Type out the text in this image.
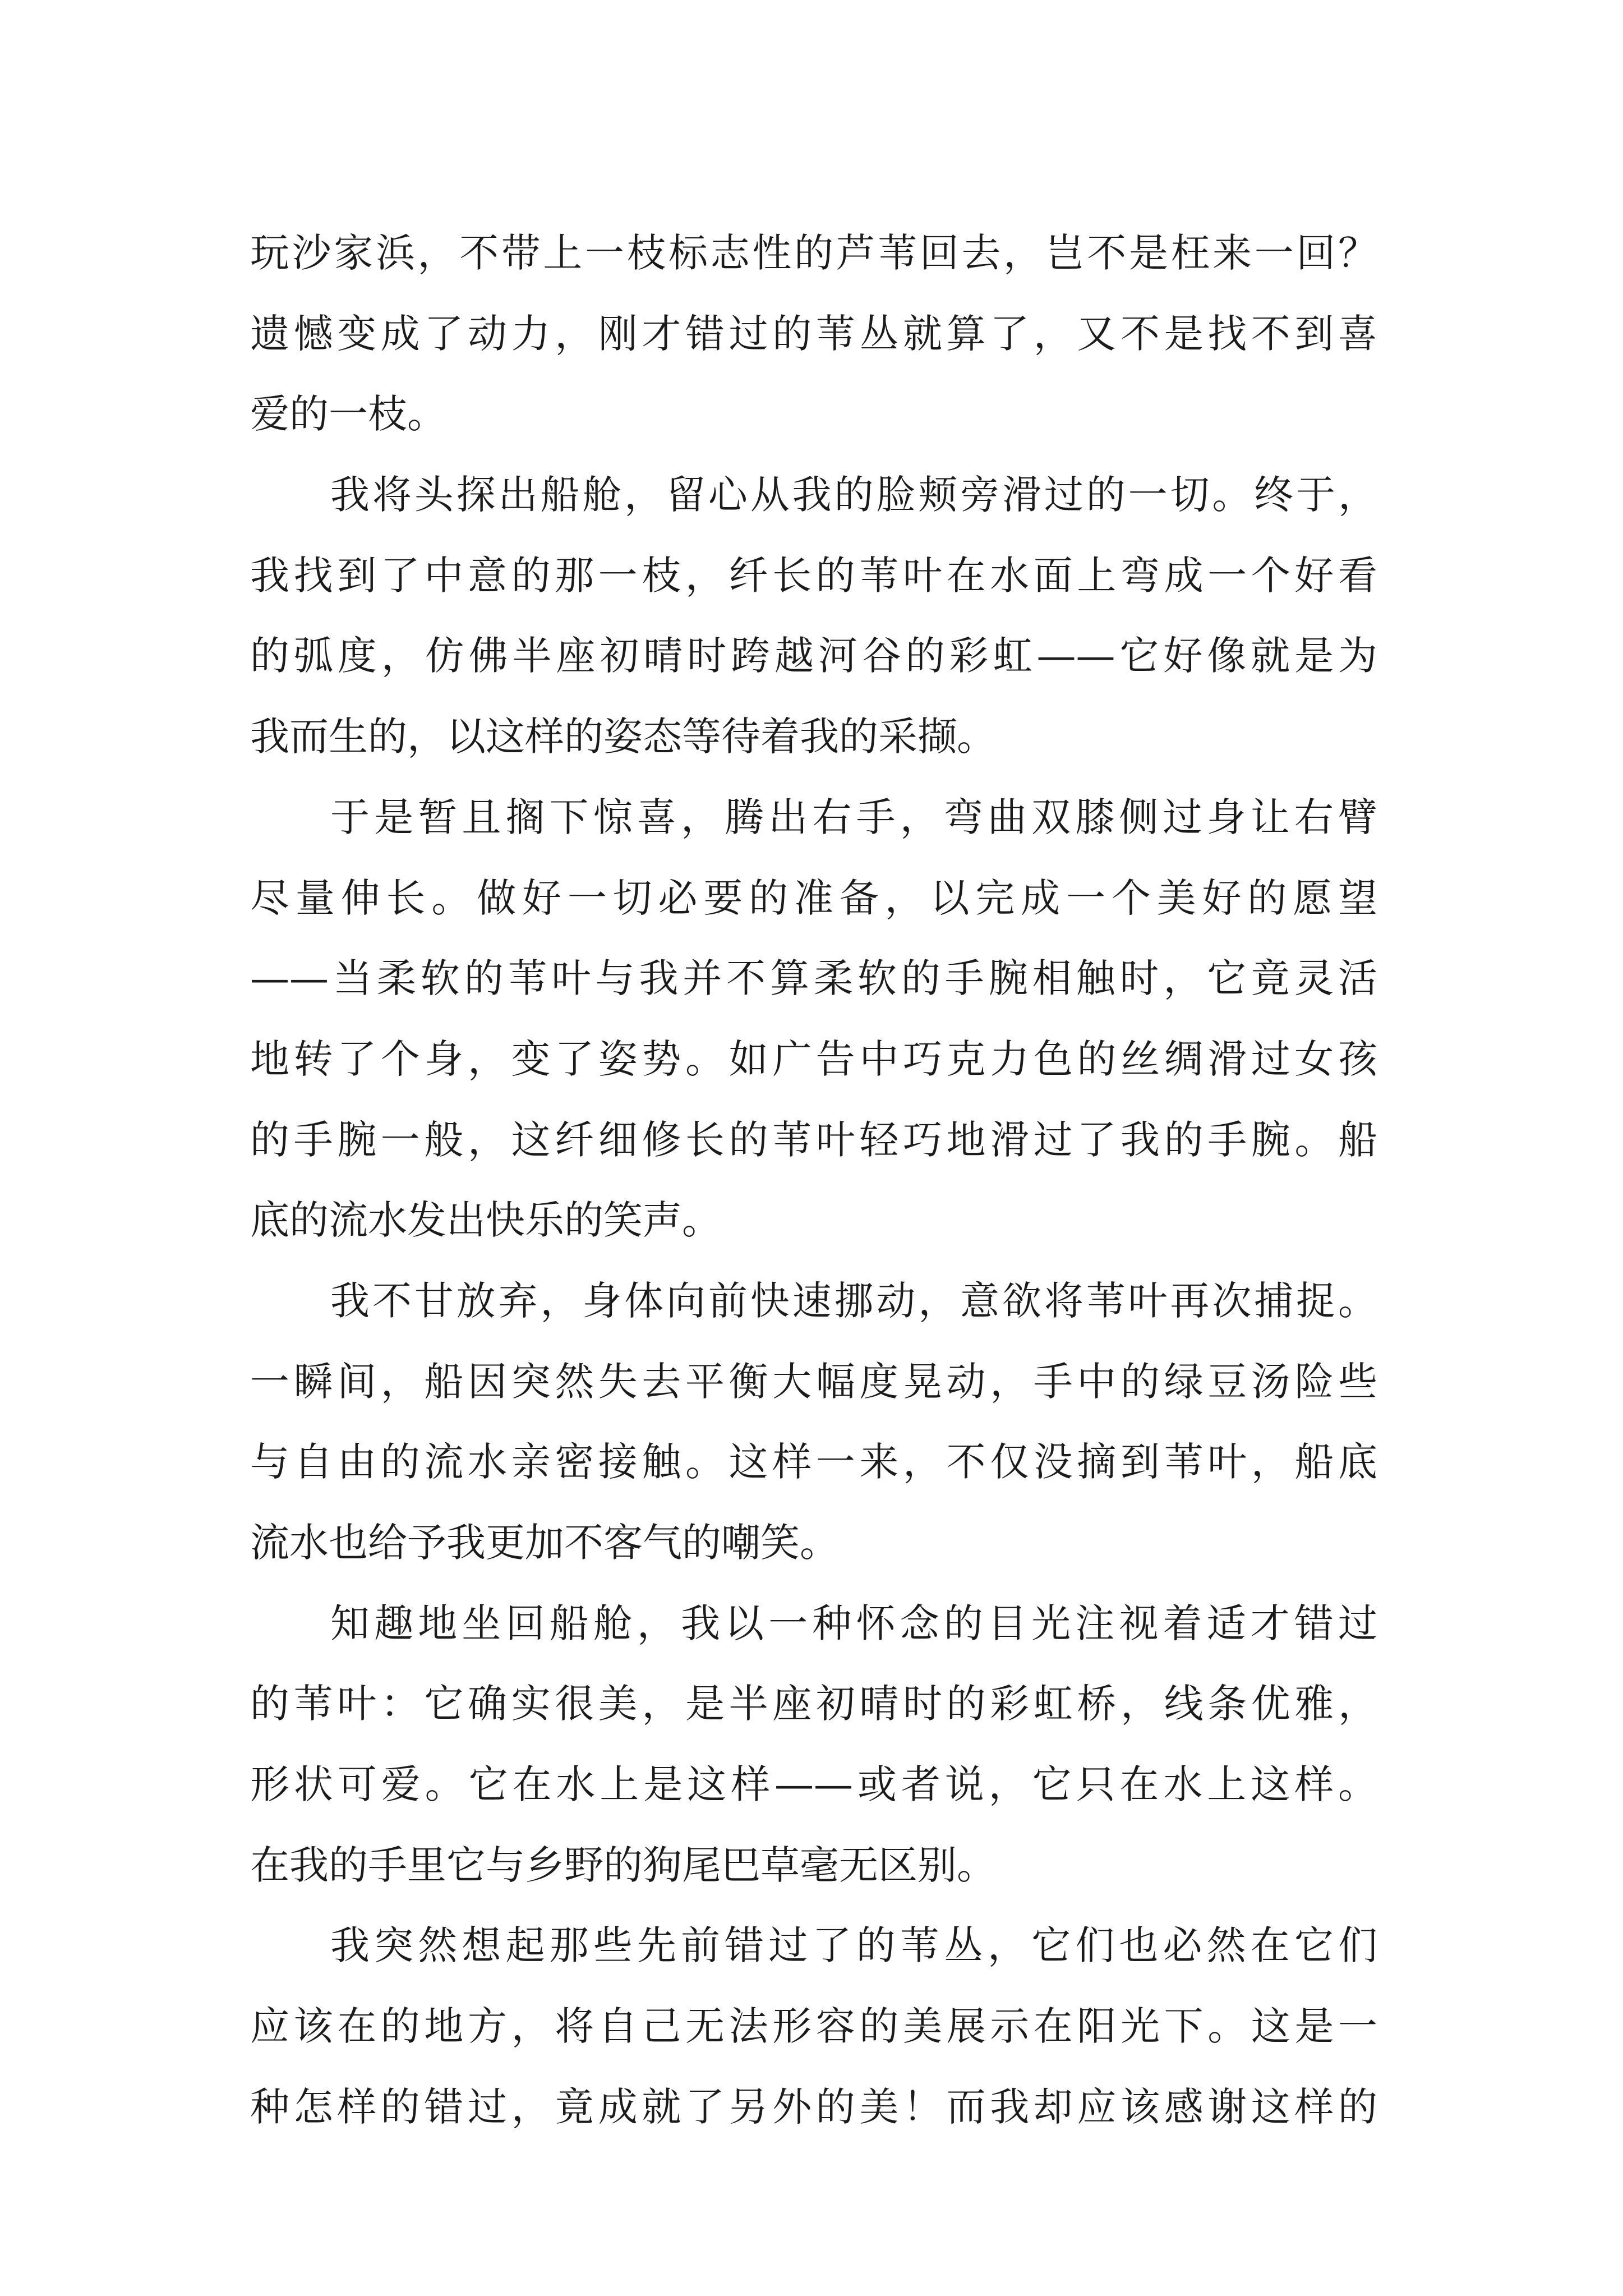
玩沙家浜，不带上一枝标志性的芦苇回去，岂不是枉来一回？
遗憾变成了动力，刚才错过的苇丛就算了，又不是找不到喜
爱的一枝。
我将头探出船舱，留心从我的脸颊旁滑过的一切。终于，
我找到了中意的那一枝，纤长的苇叶在水面上弯成一个好看
的弧度，仿佛半座初晴时跨越河谷的彩虹——它好像就是为
我而生的，以这样的姿态等待着我的采撷。
于是暂且搁下惊喜，腾出右手，弯曲双膝侧过身让右臂
尽量伸长。做好一切必要的准备，以完成一个美好的愿望
——当柔软的苇叶与我并不算柔软的手腕相触时，它竟灵活
地转了个身，变了姿势。如广告中巧克力色的丝绸滑过女孩
的手腕一般，这纤细修长的苇叶轻巧地滑过了我的手腕。船
底的流水发出快乐的笑声。
我不甘放弃，身体向前快速挪动，意欲将苇叶再次捕捉。
一瞬间，船因突然失去平衡大幅度晃动，手中的绿豆汤险些
与自由的流水亲密接触。这样一来，不仅没摘到苇叶，船底
流水也给予我更加不客气的嘲笑。
知趣地坐回船舱，我以一种怀念的目光注视着适才错过
的苇叶：它确实很美，是半座初晴时的彩虹桥，线条优雅，
形状可爱。它在水上是这样——或者说，它只在水上这样。
在我的手里它与乡野的狗尾巴草毫无区别。
我突然想起那些先前错过了的苇丛，它们也必然在它们
应该在的地方，将自己无法形容的美展示在阳光下。这是一
种怎样的错过，竟成就了另外的美！而我却应该感谢这样的
